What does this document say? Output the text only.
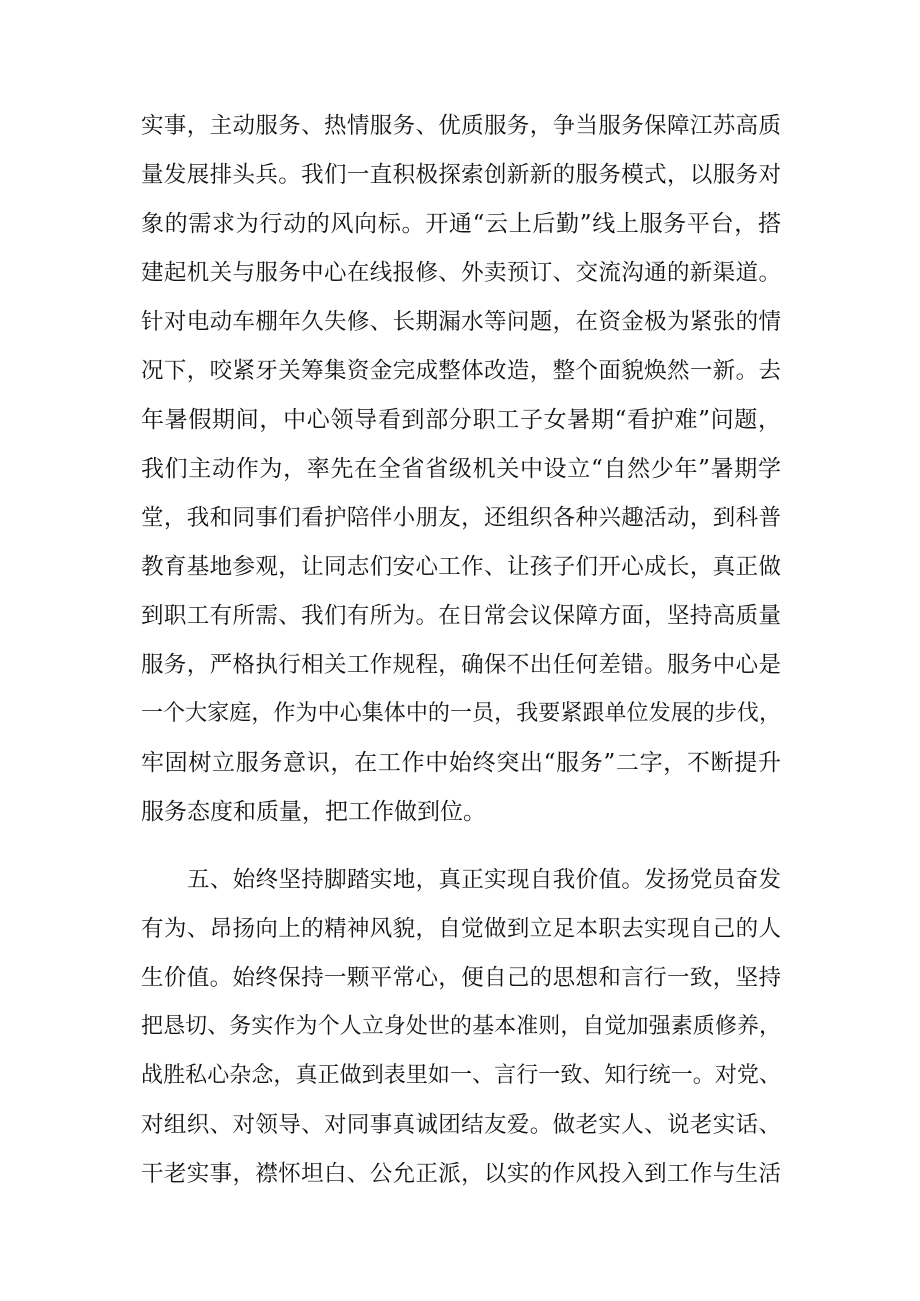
实事，主动服务、热情服务、优质服务，争当服务保障江苏高质
量发展排头兵。我们一直积极探索创新新的服务模式，以服务对
象的需求为行动的风向标。开通“云上后勤”线上服务平台，搭
建起机关与服务中心在线报修、外卖预订、交流沟通的新渠道。
针对电动车棚年久失修、长期漏水等问题，在资金极为紧张的情
况下，咬紧牙关筹集资金完成整体改造，整个面貌焕然一新。去
年暑假期间，中心领导看到部分职工子女暑期“看护难”问题，
我们主动作为，率先在全省省级机关中设立“自然少年”暑期学
堂，我和同事们看护陪伴小朋友，还组织各种兴趣活动，到科普
教育基地参观，让同志们安心工作、让孩子们开心成长，真正做
到职工有所需、我们有所为。在日常会议保障方面，坚持高质量
服务，严格执行相关工作规程，确保不出任何差错。服务中心是
一个大家庭，作为中心集体中的一员，我要紧跟单位发展的步伐，
牢固树立服务意识，在工作中始终突出“服务”二字，不断提升
服务态度和质量，把工作做到位。
五、始终坚持脚踏实地，真正实现自我价值。发扬党员奋发
有为、昂扬向上的精神风貌，自觉做到立足本职去实现自己的人
生价值。始终保持一颗平常心，便自己的思想和言行一致，坚持
把恳切、务实作为个人立身处世的基本准则，自觉加强素质修养，
战胜私心杂念，真正做到表里如一、言行一致、知行统一。对党、
对组织、对领导、对同事真诚团结友爱。做老实人、说老实话、
干老实事，襟怀坦白、公允正派，以实的作风投入到工作与生活
